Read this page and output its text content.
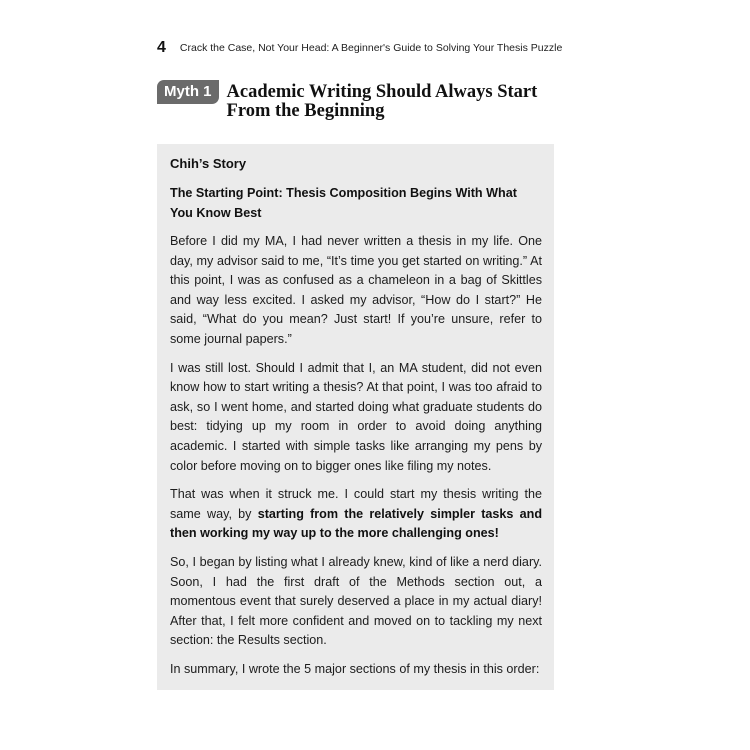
4 Crack the Case, Not Your Head: A Beginner's Guide to Solving Your Thesis Puzzle
Myth 1 Academic Writing Should Always Start From the Beginning

Chih’s Story

The Starting Point: Thesis Composition Begins With What You Know Best

Before I did my MA, I had never written a thesis in my life. One day, my advisor said to me, “It’s time you get started on writing.” At this point, I was as confused as a chameleon in a bag of Skittles and way less excited. I asked my advisor, “How do I start?” He said, “What do you mean? Just start! If you’re unsure, refer to some journal papers.”

I was still lost. Should I admit that I, an MA student, did not even know how to start writing a thesis? At that point, I was too afraid to ask, so I went home, and started doing what graduate students do best: tidying up my room in order to avoid doing anything academic. I started with simple tasks like arranging my pens by color before moving on to bigger ones like filing my notes.

That was when it struck me. I could start my thesis writing the same way, by starting from the relatively simpler tasks and then working my way up to the more challenging ones!

So, I began by listing what I already knew, kind of like a nerd diary. Soon, I had the first draft of the Methods section out, a momentous event that surely deserved a place in my actual diary! After that, I felt more confident and moved on to tackling my next section: the Results section.

In summary, I wrote the 5 major sections of my thesis in this order:
